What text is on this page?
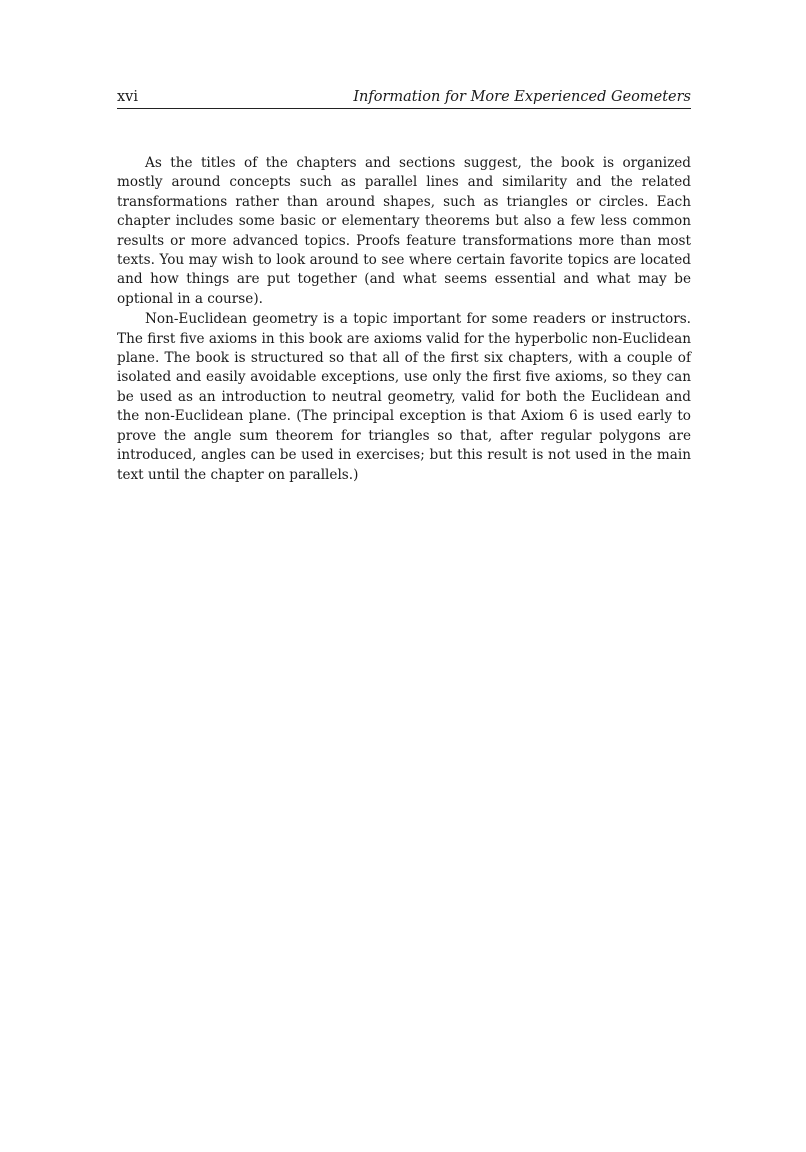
xvi	Information for More Experienced Geometers

As the titles of the chapters and sections suggest, the book is organized mostly around concepts such as parallel lines and similarity and the related transformations rather than around shapes, such as triangles or circles. Each chapter includes some basic or elementary theorems but also a few less common results or more advanced topics. Proofs feature transformations more than most texts. You may wish to look around to see where certain favorite topics are located and how things are put together (and what seems essential and what may be optional in a course).

Non-Euclidean geometry is a topic important for some readers or instructors. The first five axioms in this book are axioms valid for the hyperbolic non-Euclidean plane. The book is structured so that all of the first six chapters, with a couple of isolated and easily avoidable exceptions, use only the first five axioms, so they can be used as an introduction to neutral geometry, valid for both the Euclidean and the non-Euclidean plane. (The principal exception is that Axiom 6 is used early to prove the angle sum theorem for triangles so that, after regular polygons are introduced, angles can be used in exercises; but this result is not used in the main text until the chapter on parallels.)
